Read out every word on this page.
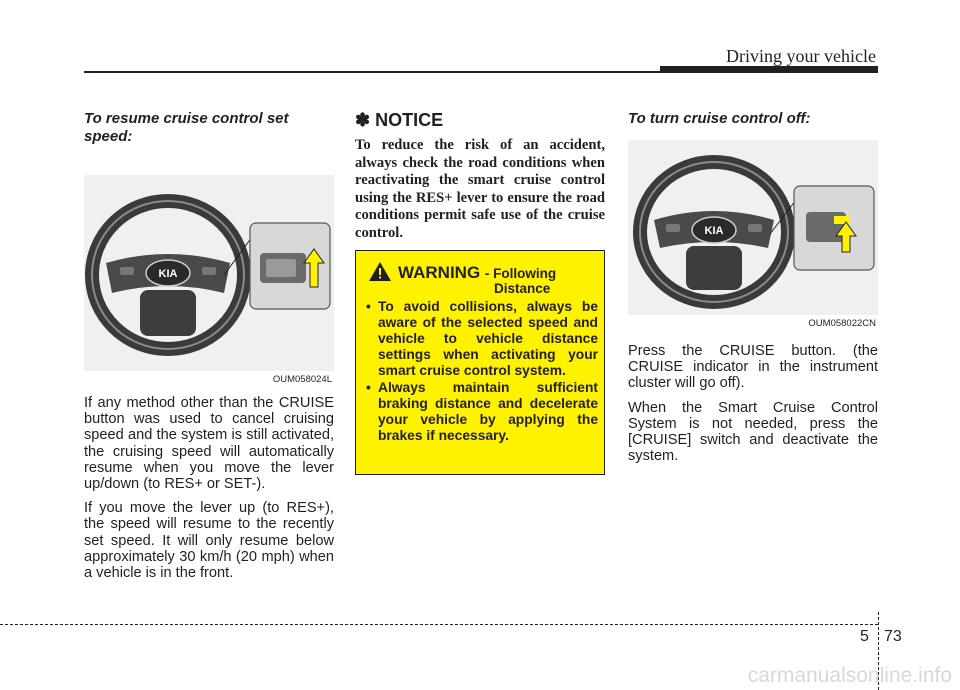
Driving your vehicle

To resume cruise control set speed:

KIA
OUM058024L

If any method other than the CRUISE button was used to cancel cruising speed and the system is still activated, the cruising speed will automatically resume when you move the lever up/down (to RES+ or SET-).

If you move the lever up (to RES+), the speed will resume to the recently set speed. It will only resume below approximately 30 km/h (20 mph) when a vehicle is in the front.

✽ NOTICE

To reduce the risk of an accident, always check the road conditions when reactivating the smart cruise control using the RES+ lever to ensure the road conditions permit safe use of the cruise control.

WARNING - Following
Distance
• To avoid collisions, always be aware of the selected speed and vehicle to vehicle distance settings when activating your smart cruise control system.
• Always maintain sufficient braking distance and decelerate your vehicle by applying the brakes if necessary.

To turn cruise control off:

KIA
OUM058022CN

Press the CRUISE button. (the CRUISE indicator in the instrument cluster will go off).

When the Smart Cruise Control System is not needed, press the [CRUISE] switch and deactivate the system.

5 73
carmanualsonline.info
